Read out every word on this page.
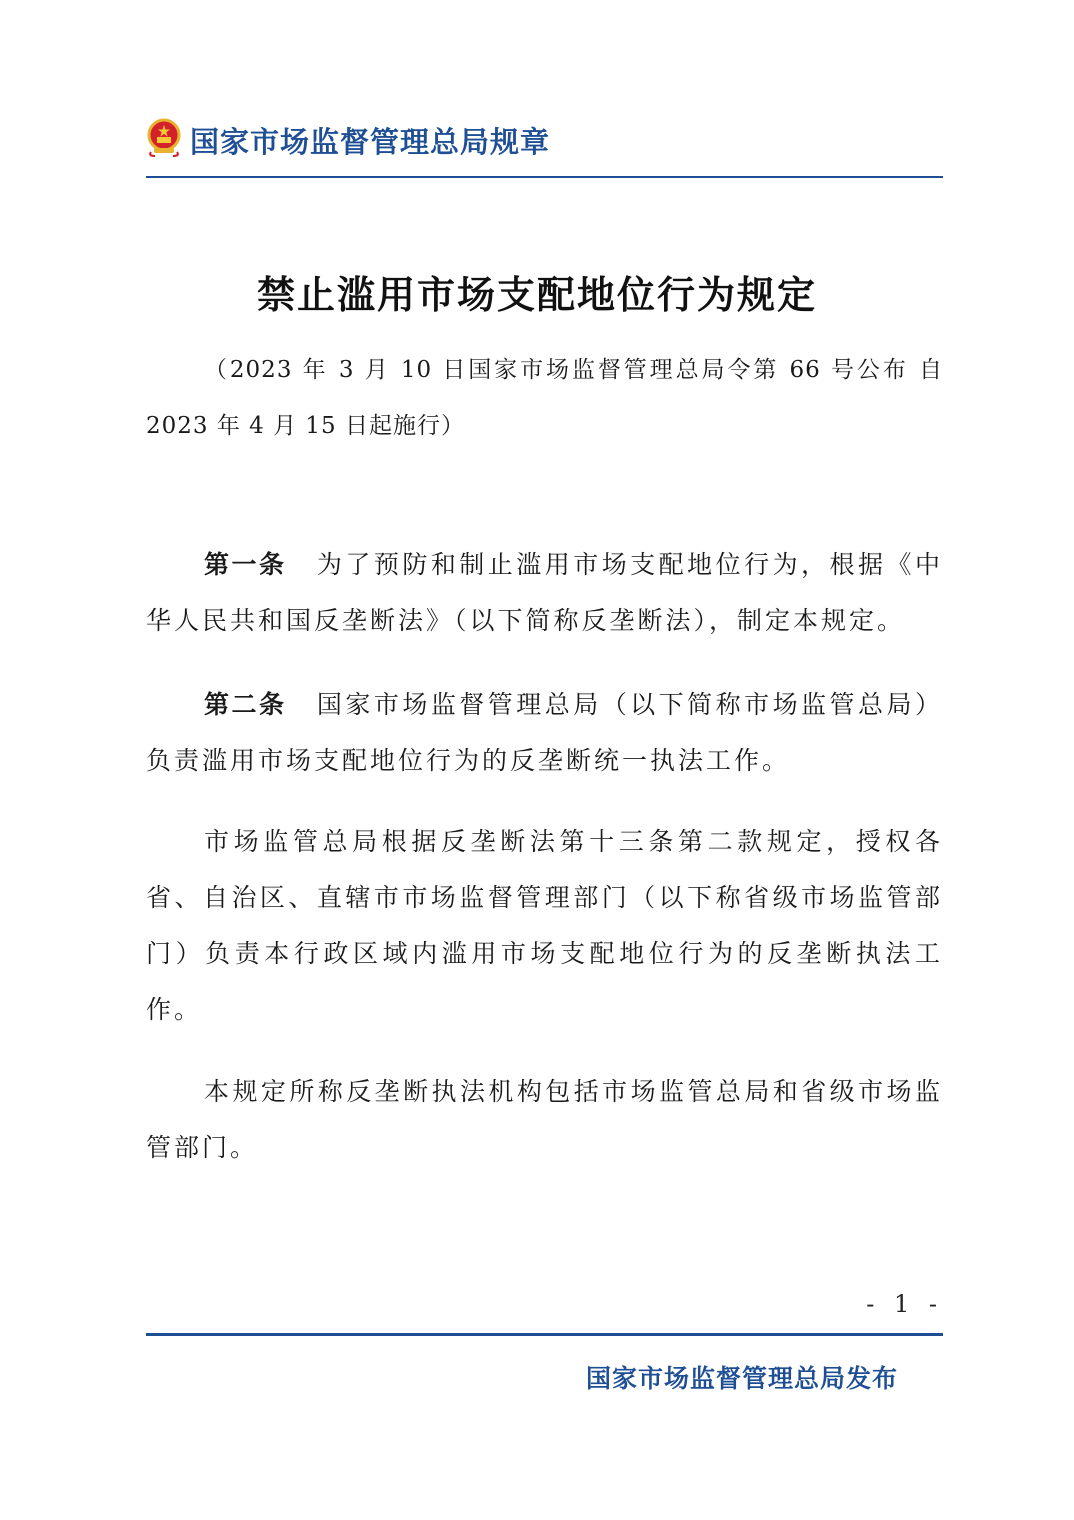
国家市场监督管理总局规章
禁止滥用市场支配地位行为规定
（2023 年 3 月 10 日国家市场监督管理总局令第 66 号公布 自 2023 年 4 月 15 日起施行）
第一条 为了预防和制止滥用市场支配地位行为，根据《中华人民共和国反垄断法》（以下简称反垄断法），制定本规定。
第二条 国家市场监督管理总局（以下简称市场监管总局）负责滥用市场支配地位行为的反垄断统一执法工作。
市场监管总局根据反垄断法第十三条第二款规定，授权各省、自治区、直辖市市场监督管理部门（以下称省级市场监管部门）负责本行政区域内滥用市场支配地位行为的反垄断执法工作。
本规定所称反垄断执法机构包括市场监管总局和省级市场监管部门。
- 1 -
国家市场监督管理总局发布
